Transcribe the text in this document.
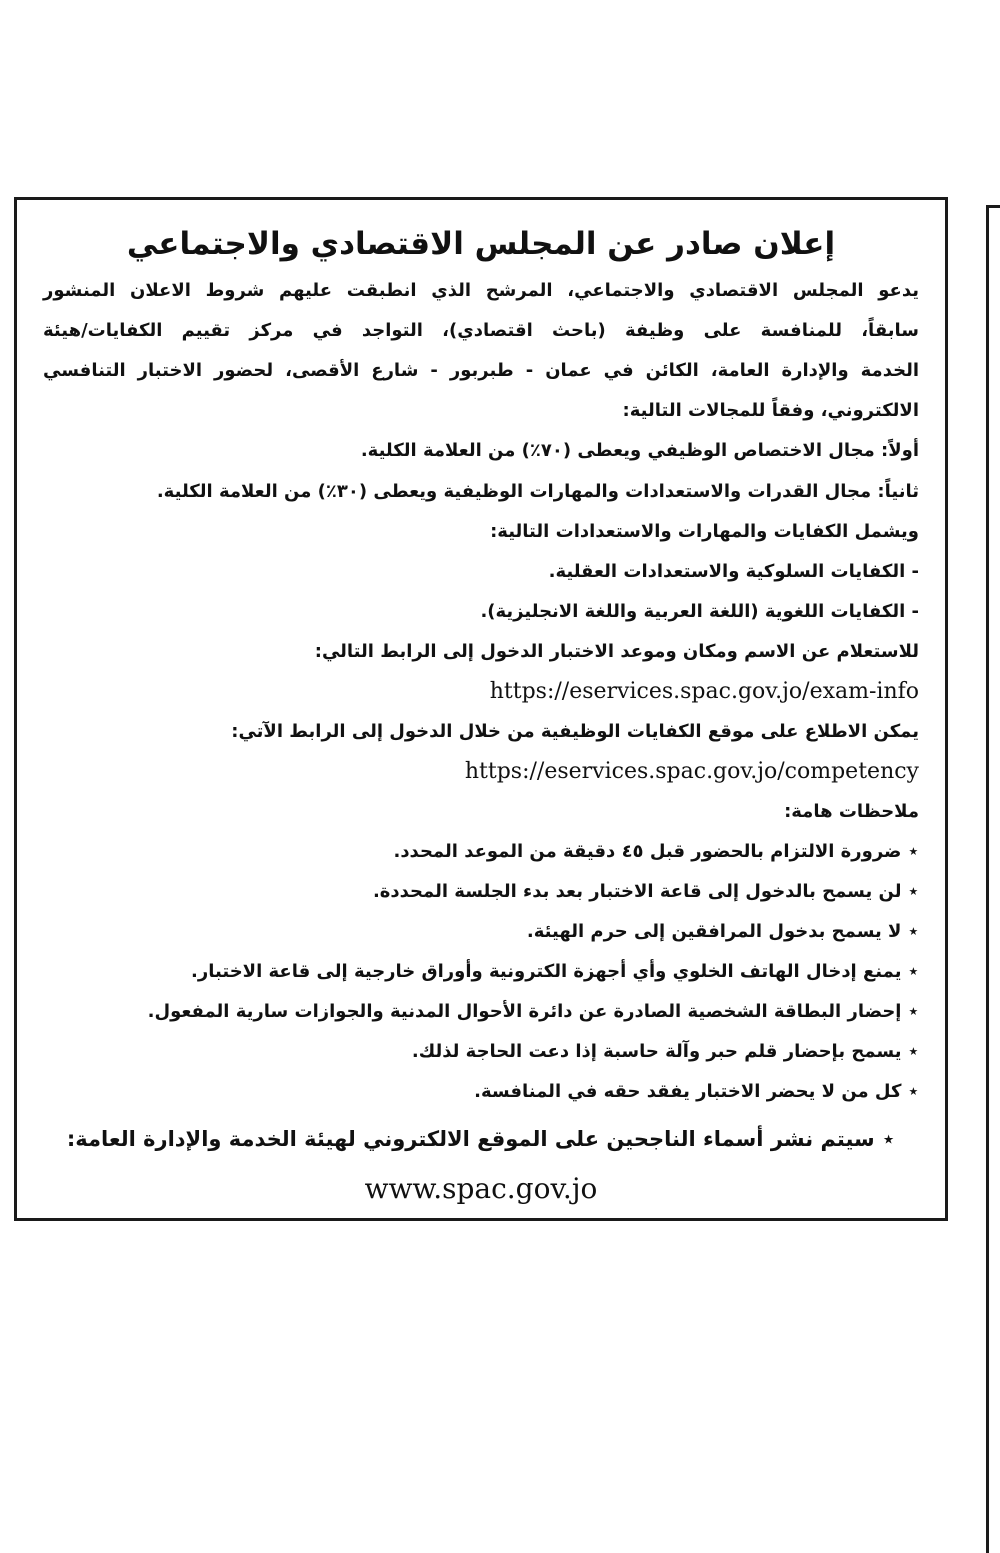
إعلان صادر عن المجلس الاقتصادي والاجتماعي
يدعو المجلس الاقتصادي والاجتماعي، المرشح الذي انطبقت عليهم شروط الاعلان المنشور
سابقاً، للمنافسة على وظيفة (باحث اقتصادي)، التواجد في مركز تقييم الكفايات/هيئة
الخدمة والإدارة العامة، الكائن في عمان - طبربور - شارع الأقصى، لحضور الاختبار التنافسي
الالكتروني، وفقاً للمجالات التالية:
أولاً: مجال الاختصاص الوظيفي ويعطى (٧٠٪) من العلامة الكلية.
ثانياً: مجال القدرات والاستعدادات والمهارات الوظيفية ويعطى (٣٠٪) من العلامة الكلية.
ويشمل الكفايات والمهارات والاستعدادات التالية:
- الكفايات السلوكية والاستعدادات العقلية.
- الكفايات اللغوية (اللغة العربية واللغة الانجليزية).
للاستعلام عن الاسم ومكان وموعد الاختبار الدخول إلى الرابط التالي:
https://eservices.spac.gov.jo/exam-info
يمكن الاطلاع على موقع الكفايات الوظيفية من خلال الدخول إلى الرابط الآتي:
https://eservices.spac.gov.jo/competency
ملاحظات هامة:
⋆ ضرورة الالتزام بالحضور قبل ٤٥ دقيقة من الموعد المحدد.
⋆ لن يسمح بالدخول إلى قاعة الاختبار بعد بدء الجلسة المحددة.
⋆ لا يسمح بدخول المرافقين إلى حرم الهيئة.
⋆ يمنع إدخال الهاتف الخلوي وأي أجهزة الكترونية وأوراق خارجية إلى قاعة الاختبار.
⋆ إحضار البطاقة الشخصية الصادرة عن دائرة الأحوال المدنية والجوازات سارية المفعول.
⋆ يسمح بإحضار قلم حبر وآلة حاسبة إذا دعت الحاجة لذلك.
⋆ كل من لا يحضر الاختبار يفقد حقه في المنافسة.
⋆ سيتم نشر أسماء الناجحين على الموقع الالكتروني لهيئة الخدمة والإدارة العامة:
www.spac.gov.jo
